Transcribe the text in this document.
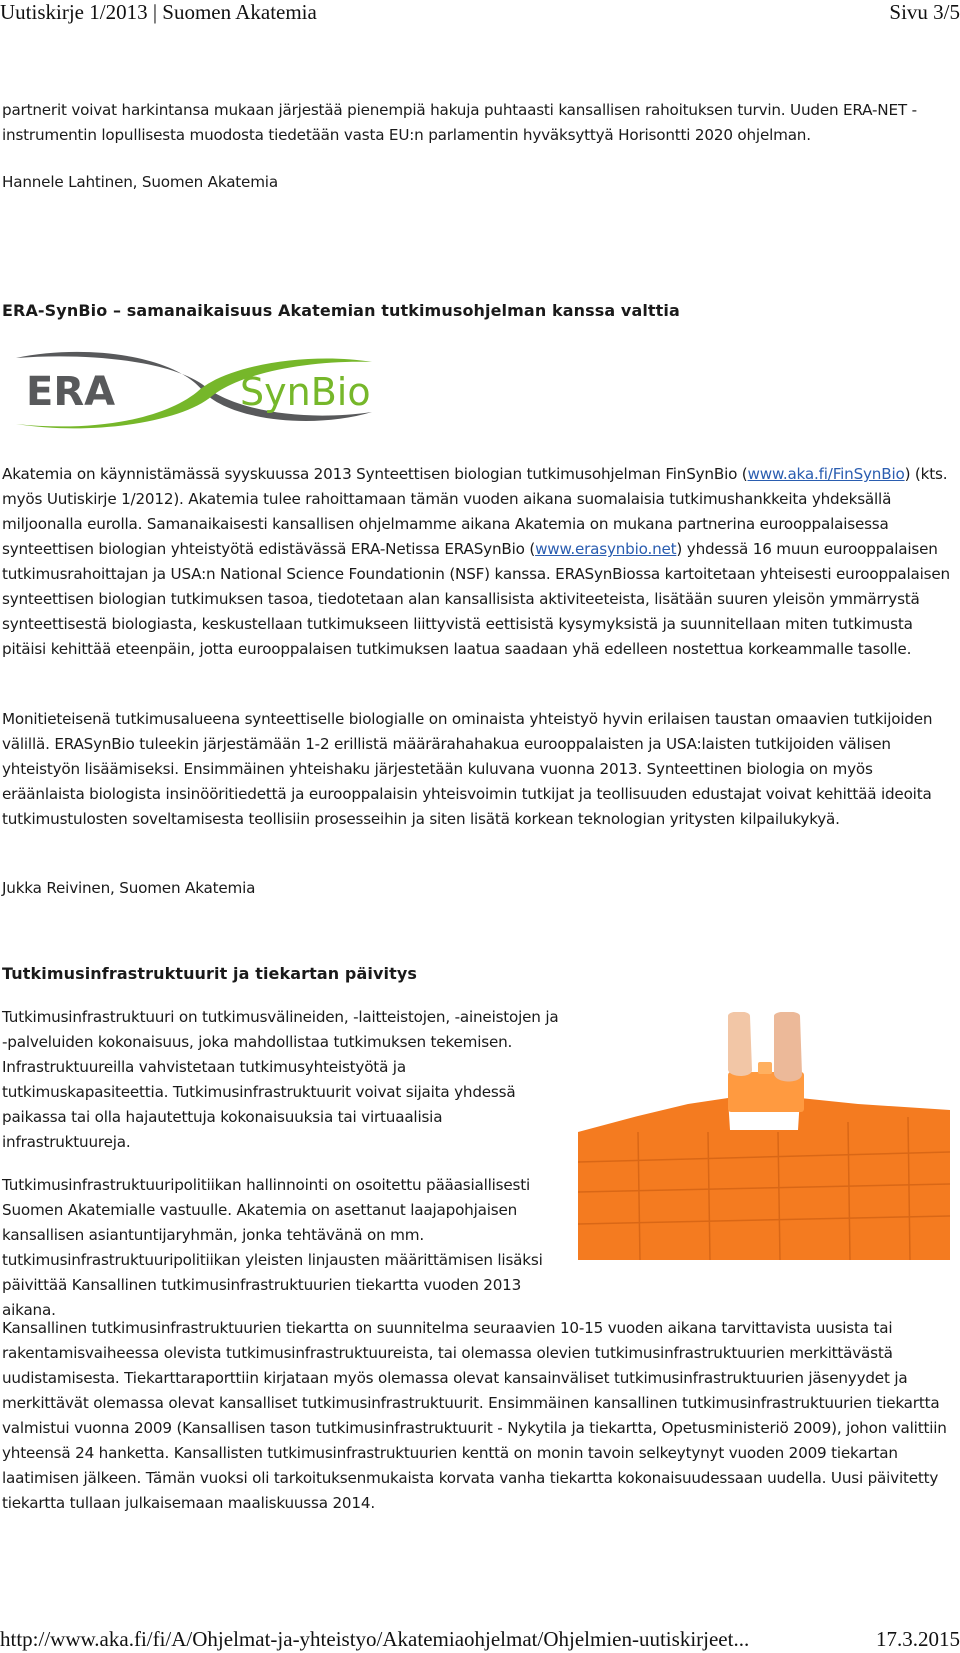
Uutiskirje 1/2013 | Suomen Akatemia	Sivu 3/5

partnerit voivat harkintansa mukaan järjestää pienempiä hakuja puhtaasti kansallisen rahoituksen turvin. Uuden ERA-NET -instrumentin lopullisesta muodosta tiedetään vasta EU:n parlamentin hyväksyttyä Horisontti 2020 ohjelman.

Hannele Lahtinen, Suomen Akatemia

ERA-SynBio – samanaikaisuus Akatemian tutkimusohjelman kanssa valttia
ERA	SynBio

Akatemia on käynnistämässä syyskuussa 2013 Synteettisen biologian tutkimusohjelman FinSynBio (www.aka.fi/FinSynBio) (kts. myös Uutiskirje 1/2012). Akatemia tulee rahoittamaan tämän vuoden aikana suomalaisia tutkimushankkeita yhdeksällä miljoonalla eurolla. Samanaikaisesti kansallisen ohjelmamme aikana Akatemia on mukana partnerina eurooppalaisessa synteettisen biologian yhteistyötä edistävässä ERA-Netissa ERASynBio (www.erasynbio.net) yhdessä 16 muun eurooppalaisen tutkimusrahoittajan ja USA:n National Science Foundationin (NSF) kanssa. ERASynBiossa kartoitetaan yhteisesti eurooppalaisen synteettisen biologian tutkimuksen tasoa, tiedotetaan alan kansallisista aktiviteeteista, lisätään suuren yleisön ymmärrystä synteettisestä biologiasta, keskustellaan tutkimukseen liittyvistä eettisistä kysymyksistä ja suunnitellaan miten tutkimusta pitäisi kehittää eteenpäin, jotta eurooppalaisen tutkimuksen laatua saadaan yhä edelleen nostettua korkeammalle tasolle.

Monitieteisenä tutkimusalueena synteettiselle biologialle on ominaista yhteistyö hyvin erilaisen taustan omaavien tutkijoiden välillä. ERASynBio tuleekin järjestämään 1-2 erillistä määrärahahakua eurooppalaisten ja USA:laisten tutkijoiden välisen yhteistyön lisäämiseksi. Ensimmäinen yhteishaku järjestetään kuluvana vuonna 2013. Synteettinen biologia on myös eräänlaista biologista insinööritiedettä ja eurooppalaisin yhteisvoimin tutkijat ja teollisuuden edustajat voivat kehittää ideoita tutkimustulosten soveltamisesta teollisiin prosesseihin ja siten lisätä korkean teknologian yritysten kilpailukykyä.

Jukka Reivinen, Suomen Akatemia

Tutkimusinfrastruktuurit ja tiekartan päivitys

Tutkimusinfrastruktuuri on tutkimusvälineiden, -laitteistojen, -aineistojen ja -palveluiden kokonaisuus, joka mahdollistaa tutkimuksen tekemisen. Infrastruktuureilla vahvistetaan tutkimusyhteistyötä ja tutkimuskapasiteettia. Tutkimusinfrastruktuurit voivat sijaita yhdessä paikassa tai olla hajautettuja kokonaisuuksia tai virtuaalisia infrastruktuureja.

Tutkimusinfrastruktuuripolitiikan hallinnointi on osoitettu pääasiallisesti Suomen Akatemialle vastuulle. Akatemia on asettanut laajapohjaisen kansallisen asiantuntijaryhmän, jonka tehtävänä on mm. tutkimusinfrastruktuuripolitiikan yleisten linjausten määrittämisen lisäksi päivittää Kansallinen tutkimusinfrastruktuurien tiekartta vuoden 2013 aikana.

Kansallinen tutkimusinfrastruktuurien tiekartta on suunnitelma seuraavien 10-15 vuoden aikana tarvittavista uusista tai rakentamisvaiheessa olevista tutkimusinfrastruktuureista, tai olemassa olevien tutkimusinfrastruktuurien merkittävästä uudistamisesta. Tiekarttaraporttiin kirjataan myös olemassa olevat kansainväliset tutkimusinfrastruktuurien jäsenyydet ja merkittävät olemassa olevat kansalliset tutkimusinfrastruktuurit. Ensimmäinen kansallinen tutkimusinfrastruktuurien tiekartta valmistui vuonna 2009 (Kansallisen tason tutkimusinfrastruktuurit - Nykytila ja tiekartta, Opetusministeriö 2009), johon valittiin yhteensä 24 hanketta. Kansallisten tutkimusinfrastruktuurien kenttä on monin tavoin selkeytynyt vuoden 2009 tiekartan laatimisen jälkeen. Tämän vuoksi oli tarkoituksenmukaista korvata vanha tiekartta kokonaisuudessaan uudella. Uusi päivitetty tiekartta tullaan julkaisemaan maaliskuussa 2014.

http://www.aka.fi/fi/A/Ohjelmat-ja-yhteistyo/Akatemiaohjelmat/Ohjelmien-uutiskirjeet...	17.3.2015
